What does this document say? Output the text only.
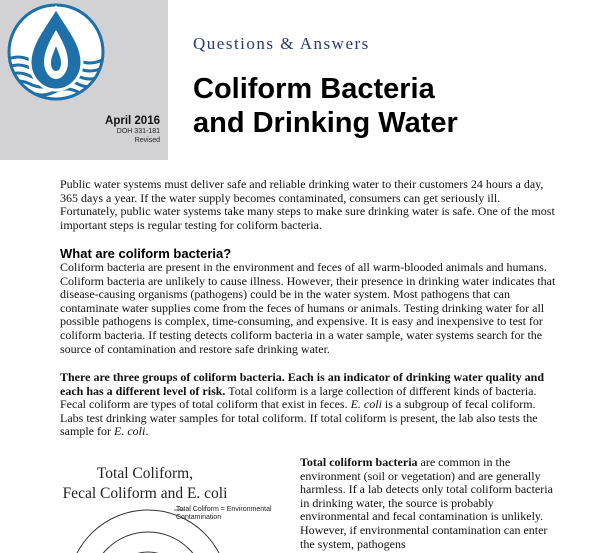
April 2016
DOH 331-181
Revised
Questions & Answers
Coliform Bacteria
and Drinking Water

Public water systems must deliver safe and reliable drinking water to their customers 24 hours a day, 365 days a year. If the water supply becomes contaminated, consumers can get seriously ill. Fortunately, public water systems take many steps to make sure drinking water is safe. One of the most important steps is regular testing for coliform bacteria.

What are coliform bacteria?

Coliform bacteria are present in the environment and feces of all warm-blooded animals and humans. Coliform bacteria are unlikely to cause illness. However, their presence in drinking water indicates that disease-causing organisms (pathogens) could be in the water system. Most pathogens that can contaminate water supplies come from the feces of humans or animals. Testing drinking water for all possible pathogens is complex, time-consuming, and expensive. It is easy and inexpensive to test for coliform bacteria. If testing detects coliform bacteria in a water sample, water systems search for the source of contamination and restore safe drinking water.

There are three groups of coliform bacteria. Each is an indicator of drinking water quality and each has a different level of risk. Total coliform is a large collection of different kinds of bacteria. Fecal coliform are types of total coliform that exist in feces. E. coli is a subgroup of fecal coliform. Labs test drinking water samples for total coliform. If total coliform is present, the lab also tests the sample for E. coli.

Total Coliform,
Fecal Coliform and E. coli
Total Coliform = Environmental
Contamination

Total coliform bacteria are common in the environment (soil or vegetation) and are generally harmless. If a lab detects only total coliform bacteria in drinking water, the source is probably environmental and fecal contamination is unlikely. However, if environmental contamination can enter the system, pathogens
